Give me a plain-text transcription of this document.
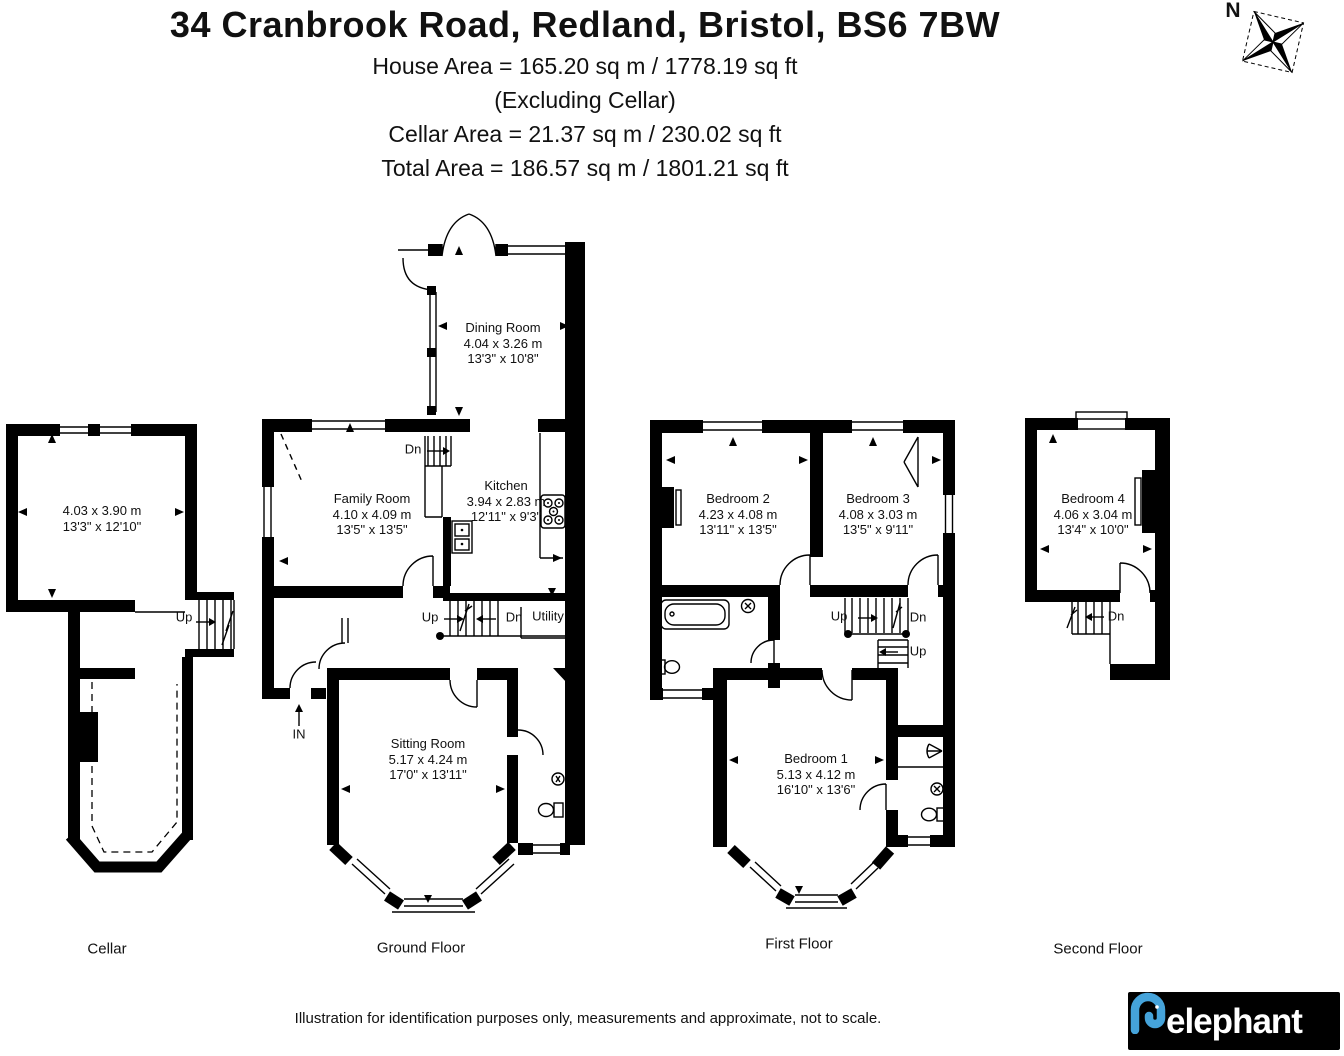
34 Cranbrook Road, Redland, Bristol, BS6 7BW
House Area = 165.20 sq m / 1778.19 sq ft
(Excluding Cellar)
Cellar Area = 21.37 sq m / 230.02 sq ft
Total Area = 186.57 sq m / 1801.21 sq ft
N
4.03 x 3.90 m
13'3" x 12'10"
Dining Room
4.04 x 3.26 m
13'3" x 10'8"
Family Room
4.10 x 4.09 m
13'5" x 13'5"
Kitchen
3.94 x 2.83 m
12'11" x 9'3"
Sitting Room
5.17 x 4.24 m
17'0" x 13'11"
Bedroom 1
5.13 x 4.12 m
16'10" x 13'6"
Bedroom 2
4.23 x 4.08 m
13'11" x 13'5"
Bedroom 3
4.08 x 3.03 m
13'5" x 9'11"
Bedroom 4
4.06 x 3.04 m
13'4" x 10'0"
Up
Dn
Up	Dn Utility
IN
Up	Dn
Up
Dn
Cellar	Ground Floor	First Floor	Second Floor
Illustration for identification purposes only, measurements and approximate, not to scale.	elephant
